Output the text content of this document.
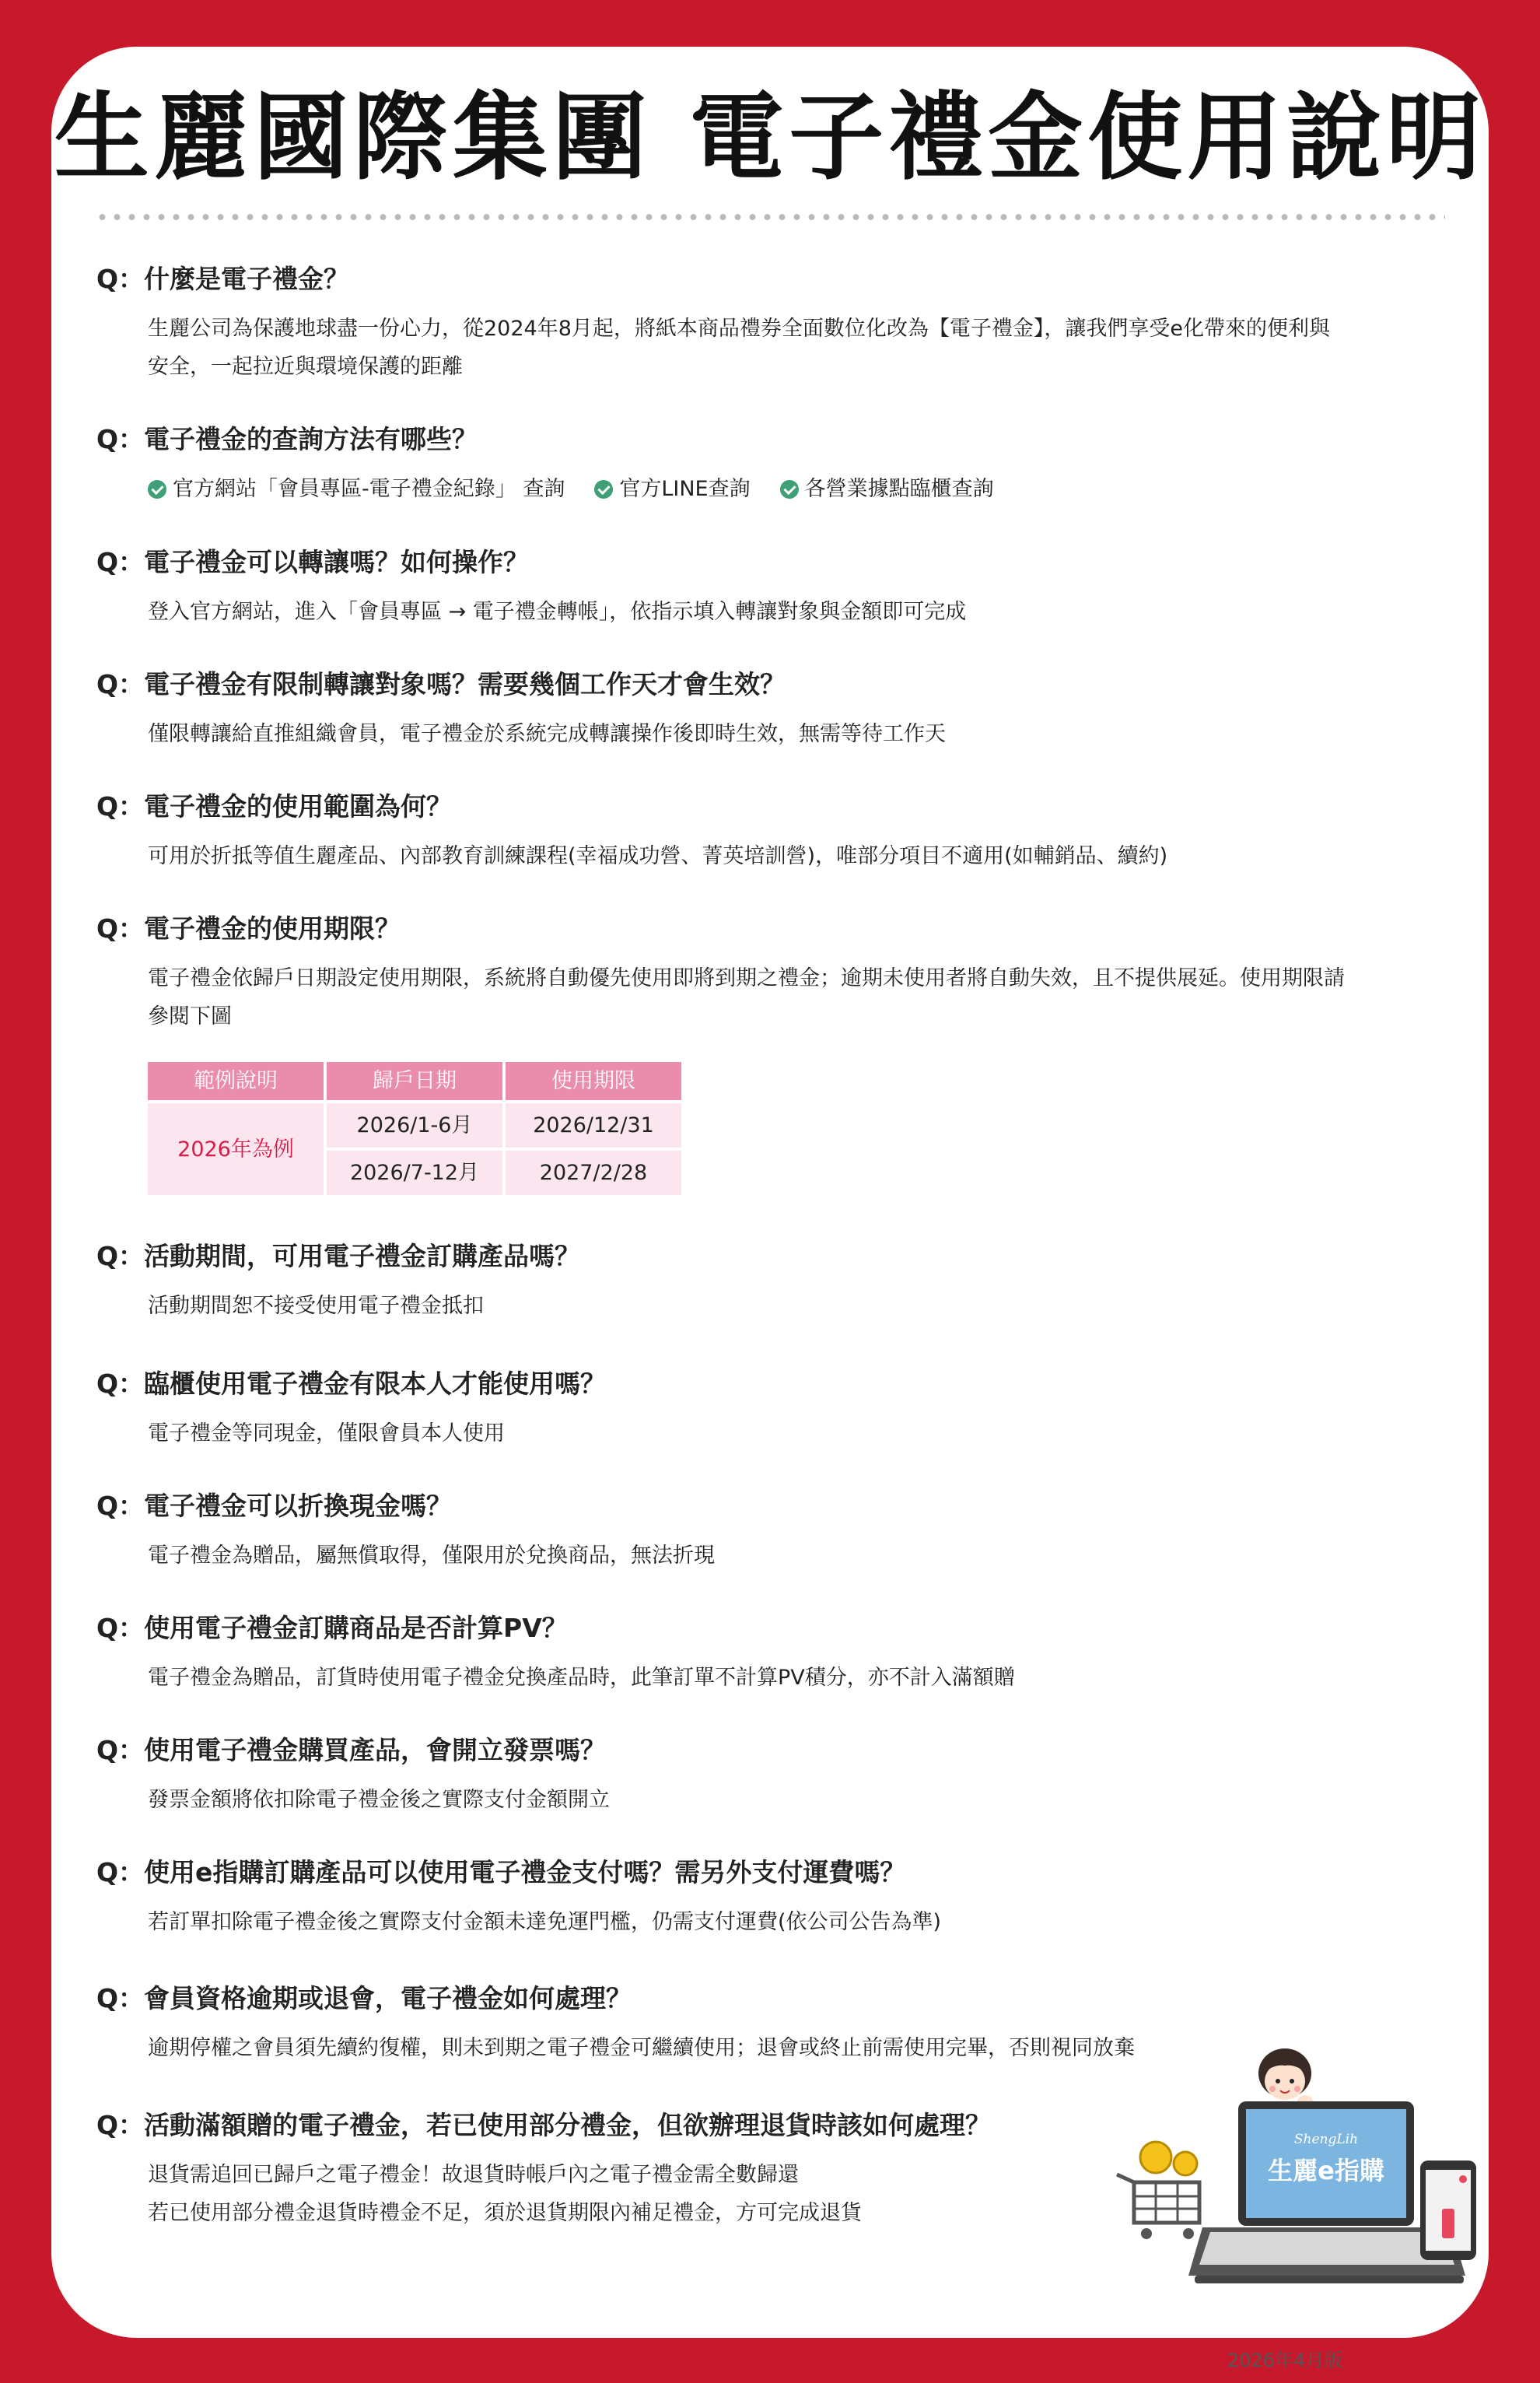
生麗國際集團 電子禮金使用說明
Q：什麼是電子禮金？

生麗公司為保護地球盡一份心力，從2024年8月起，將紙本商品禮券全面數位化改為【電子禮金】，讓我們享受e化帶來的便利與

安全，一起拉近與環境保護的距離

Q：電子禮金的查詢方法有哪些？
官方網站「會員專區-電子禮金紀錄」 查詢	官方LINE查詢	各營業據點臨櫃查詢
Q：電子禮金可以轉讓嗎？如何操作？

登入官方網站，進入「會員專區 → 電子禮金轉帳」，依指示填入轉讓對象與金額即可完成

Q：電子禮金有限制轉讓對象嗎？需要幾個工作天才會生效？

僅限轉讓給直推組織會員，電子禮金於系統完成轉讓操作後即時生效，無需等待工作天

Q：電子禮金的使用範圍為何？

可用於折抵等值生麗產品、內部教育訓練課程(幸福成功營、菁英培訓營)，唯部分項目不適用(如輔銷品、續約)

Q：電子禮金的使用期限？

電子禮金依歸戶日期設定使用期限，系統將自動優先使用即將到期之禮金；逾期未使用者將自動失效，且不提供展延。使用期限請

參閱下圖

範例說明	歸戶日期	使用期限
2026年為例	2026/1-6月	2026/12/31
	2026/7-12月	2027/2/28
Q：活動期間，可用電子禮金訂購產品嗎？

活動期間恕不接受使用電子禮金抵扣

Q：臨櫃使用電子禮金有限本人才能使用嗎？

電子禮金等同現金，僅限會員本人使用

Q：電子禮金可以折換現金嗎？

電子禮金為贈品，屬無償取得，僅限用於兌換商品，無法折現

Q：使用電子禮金訂購商品是否計算PV？

電子禮金為贈品，訂貨時使用電子禮金兌換產品時，此筆訂單不計算PV積分，亦不計入滿額贈

Q：使用電子禮金購買產品，會開立發票嗎？

發票金額將依扣除電子禮金後之實際支付金額開立

Q：使用e指購訂購產品可以使用電子禮金支付嗎？需另外支付運費嗎？

若訂單扣除電子禮金後之實際支付金額未達免運門檻，仍需支付運費(依公司公告為準)

Q：會員資格逾期或退會，電子禮金如何處理？

逾期停權之會員須先續約復權，則未到期之電子禮金可繼續使用；退會或終止前需使用完畢，否則視同放棄

Q：活動滿額贈的電子禮金，若已使用部分禮金，但欲辦理退貨時該如何處理？

退貨需追回已歸戶之電子禮金！故退貨時帳戶內之電子禮金需全數歸還

若已使用部分禮金退貨時禮金不足，須於退貨期限內補足禮金，方可完成退貨

ShengLih
生麗e指購
2026年4月版
